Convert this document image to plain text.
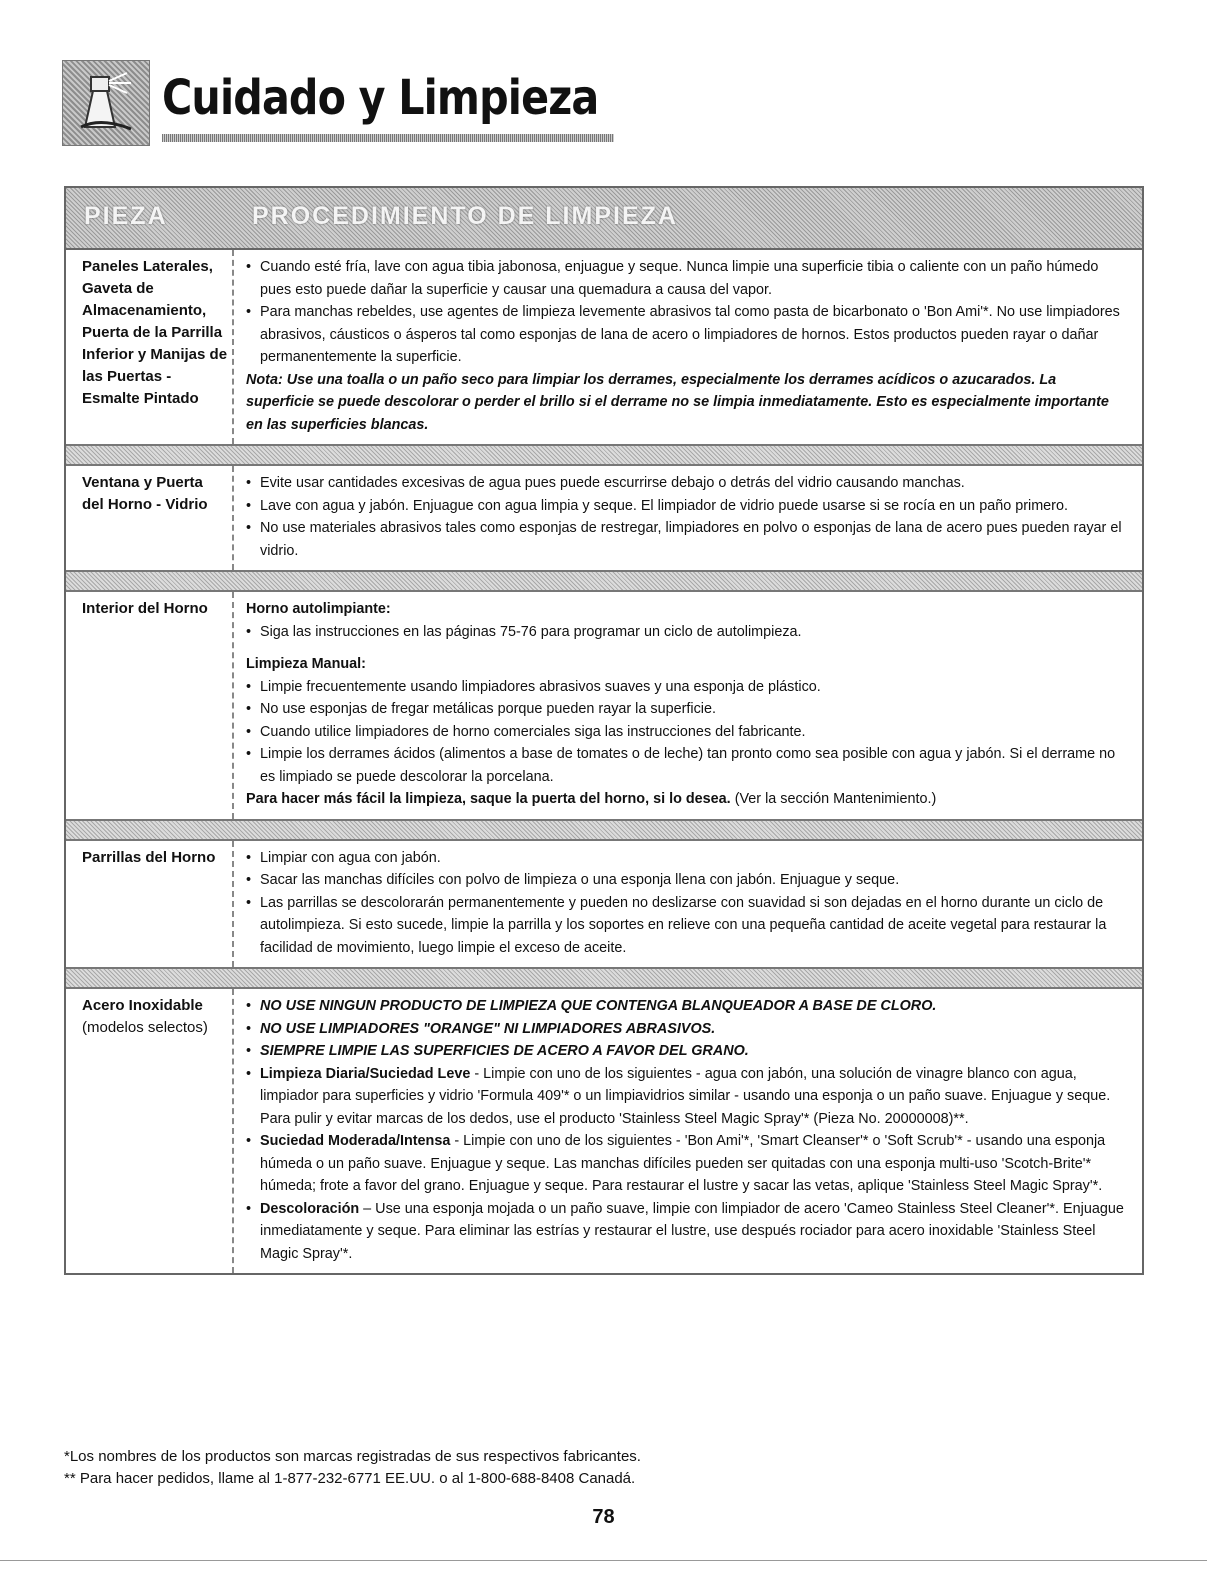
Cuidado y Limpieza
PIEZA	PROCEDIMIENTO DE LIMPIEZA
Paneles Laterales, Gaveta de Almacenamiento, Puerta de la Parrilla Inferior y Manijas de las Puertas - Esmalte Pintado

• Cuando esté fría, lave con agua tibia jabonosa, enjuague y seque. Nunca limpie una superficie tibia o caliente con un paño húmedo pues esto puede dañar la superficie y causar una quemadura a causa del vapor.

• Para manchas rebeldes, use agentes de limpieza levemente abrasivos tal como pasta de bicarbonato o 'Bon Ami'*. No use limpiadores abrasivos, cáusticos o ásperos tal como esponjas de lana de acero o limpiadores de hornos. Estos productos pueden rayar o dañar permanentemente la superficie.

Nota: Use una toalla o un paño seco para limpiar los derrames, especialmente los derrames acídicos o azucarados. La superficie se puede descolorar o perder el brillo si el derrame no se limpia inmediatamente. Esto es especialmente importante en las superficies blancas.

Ventana y Puerta del Horno - Vidrio

• Evite usar cantidades excesivas de agua pues puede escurrirse debajo o detrás del vidrio causando manchas.

• Lave con agua y jabón. Enjuague con agua limpia y seque. El limpiador de vidrio puede usarse si se rocía en un paño primero.

• No use materiales abrasivos tales como esponjas de restregar, limpiadores en polvo o esponjas de lana de acero pues pueden rayar el vidrio.

Interior del Horno	Horno autolimpiante:

• Siga las instrucciones en las páginas 75-76 para programar un ciclo de autolimpieza.

Limpieza Manual:

• Limpie frecuentemente usando limpiadores abrasivos suaves y una esponja de plástico.

• No use esponjas de fregar metálicas porque pueden rayar la superficie.

• Cuando utilice limpiadores de horno comerciales siga las instrucciones del fabricante.

• Limpie los derrames ácidos (alimentos a base de tomates o de leche) tan pronto como sea posible con agua y jabón. Si el derrame no es limpiado se puede descolorar la porcelana.

Para hacer más fácil la limpieza, saque la puerta del horno, si lo desea. (Ver la sección Mantenimiento.)

Parrillas del Horno

•	Limpiar con agua con jabón.

• Sacar las manchas difíciles con polvo de limpieza o una esponja llena con jabón. Enjuague y seque.

• Las parrillas se descolorarán permanentemente y pueden no deslizarse con suavidad si son dejadas en el horno durante un ciclo de autolimpieza. Si esto sucede, limpie la parrilla y los soportes en relieve con una pequeña cantidad de aceite vegetal para restaurar la facilidad de movimiento, luego limpie el exceso de aceite.

Acero Inoxidable
(modelos selectos)

• NO USE NINGUN PRODUCTO DE LIMPIEZA QUE CONTENGA BLANQUEADOR A BASE DE CLORO.

• NO USE LIMPIADORES "ORANGE" NI LIMPIADORES ABRASIVOS.

• SIEMPRE LIMPIE LAS SUPERFICIES DE ACERO A FAVOR DEL GRANO.

• Limpieza Diaria/Suciedad Leve - Limpie con uno de los siguientes - agua con jabón, una solución de vinagre blanco con agua, limpiador para superficies y vidrio 'Formula 409'* o un limpiavidrios similar - usando una esponja o un paño suave. Enjuague y seque. Para pulir y evitar marcas de los dedos, use el producto 'Stainless Steel Magic Spray'* (Pieza No. 20000008)**.

• Suciedad Moderada/Intensa - Limpie con uno de los siguientes - 'Bon Ami'*, 'Smart Cleanser'* o 'Soft Scrub'* - usando una esponja húmeda o un paño suave. Enjuague y seque. Las manchas difíciles pueden ser quitadas con una esponja multi-uso 'Scotch-Brite'* húmeda; frote a favor del grano. Enjuague y seque. Para restaurar el lustre y sacar las vetas, aplique 'Stainless Steel Magic Spray'*.

• Descoloración – Use una esponja mojada o un paño suave, limpie con limpiador de acero 'Cameo Stainless Steel Cleaner'*. Enjuague inmediatamente y seque. Para eliminar las estrías y restaurar el lustre, use después rociador para acero inoxidable 'Stainless Steel Magic Spray'*.

*Los nombres de los productos son marcas registradas de sus respectivos fabricantes.
** Para hacer pedidos, llame al 1-877-232-6771 EE.UU. o al 1-800-688-8408 Canadá.
78
